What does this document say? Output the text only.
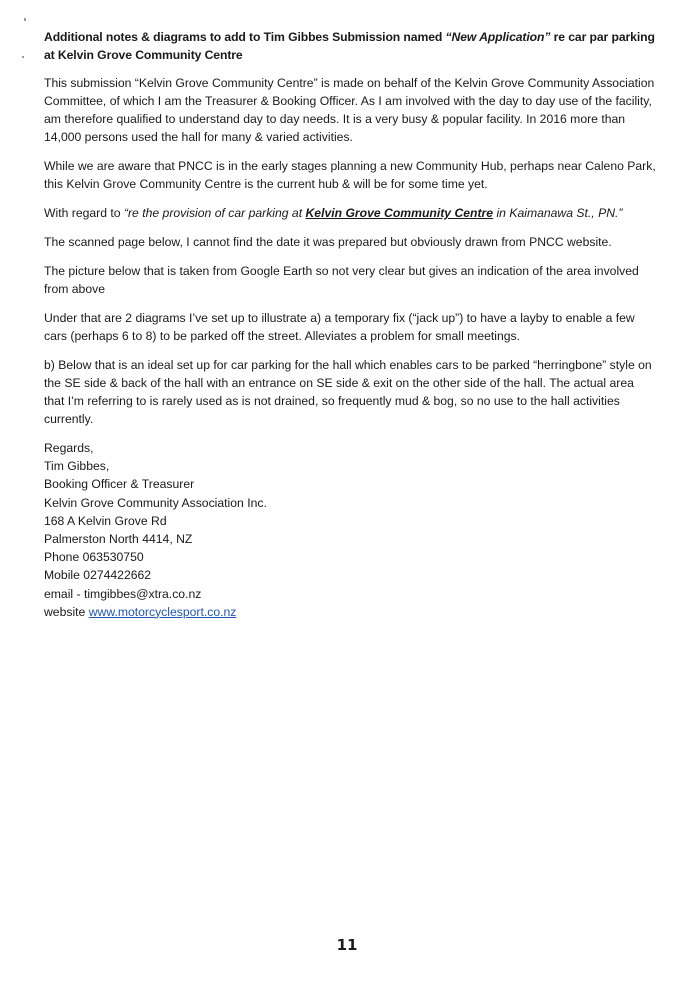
Additional notes & diagrams to add to Tim Gibbes Submission named “New Application” re car par parking at Kelvin Grove Community Centre

This submission “Kelvin Grove Community Centre” is made on behalf of the Kelvin Grove Community Association Committee, of which I am the Treasurer & Booking Officer. As I am involved with the day to day use of the facility, am therefore qualified to understand day to day needs. It is a very busy & popular facility. In 2016 more than 14,000 persons used the hall for many & varied activities.

While we are aware that PNCC is in the early stages planning a new Community Hub, perhaps near Caleno Park, this Kelvin Grove Community Centre is the current hub & will be for some time yet.

With regard to “re the provision of car parking at Kelvin Grove Community Centre in Kaimanawa St., PN.”

The scanned page below, I cannot find the date it was prepared but obviously drawn from PNCC website.

The picture below that is taken from Google Earth so not very clear but gives an indication of the area involved from above

Under that are 2 diagrams I’ve set up to illustrate a) a temporary fix (“jack up”) to have a layby to enable a few cars (perhaps 6 to 8) to be parked off the street. Alleviates a problem for small meetings.

b) Below that is an ideal set up for car parking for the hall which enables cars to be parked “herringbone” style on the SE side & back of the hall with an entrance on SE side & exit on the other side of the hall. The actual area that I’m referring to is rarely used as is not drained, so frequently mud & bog, so no use to the hall activities currently.

Regards,
Tim Gibbes,
Booking Officer & Treasurer
Kelvin Grove Community Association Inc.
168 A Kelvin Grove Rd
Palmerston North 4414, NZ
Phone 063530750
Mobile 0274422662
email - timgibbes@xtra.co.nz
website www.motorcyclesport.co.nz
11
